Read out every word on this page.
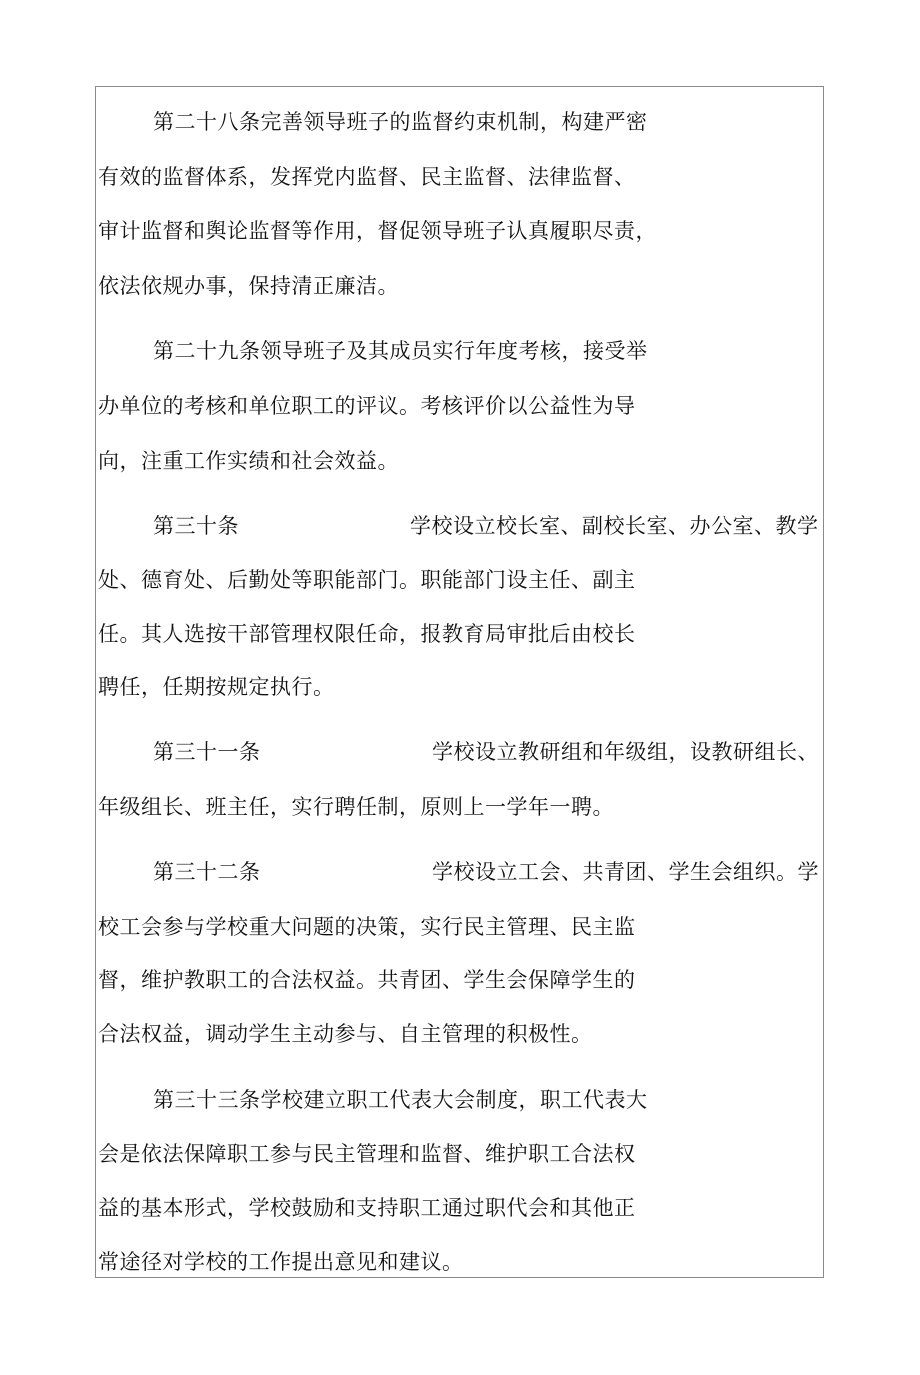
第二十八条完善领导班子的监督约束机制，构建严密
有效的监督体系，发挥党内监督、民主监督、法律监督、
审计监督和舆论监督等作用，督促领导班子认真履职尽责，
依法依规办事，保持清正廉洁。
第二十九条领导班子及其成员实行年度考核，接受举
办单位的考核和单位职工的评议。考核评价以公益性为导
向，注重工作实绩和社会效益。
第三十条	学校设立校长室、副校长室、办公室、教学
处、德育处、后勤处等职能部门。职能部门设主任、副主
任。其人选按干部管理权限任命，报教育局审批后由校长
聘任，任期按规定执行。
第三十一条	学校设立教研组和年级组，设教研组长、
年级组长、班主任，实行聘任制，原则上一学年一聘。
第三十二条	学校设立工会、共青团、学生会组织。学
校工会参与学校重大问题的决策，实行民主管理、民主监
督，维护教职工的合法权益。共青团、学生会保障学生的
合法权益，调动学生主动参与、自主管理的积极性。
第三十三条学校建立职工代表大会制度，职工代表大
会是依法保障职工参与民主管理和监督、维护职工合法权
益的基本形式，学校鼓励和支持职工通过职代会和其他正
常途径对学校的工作提出意见和建议。
